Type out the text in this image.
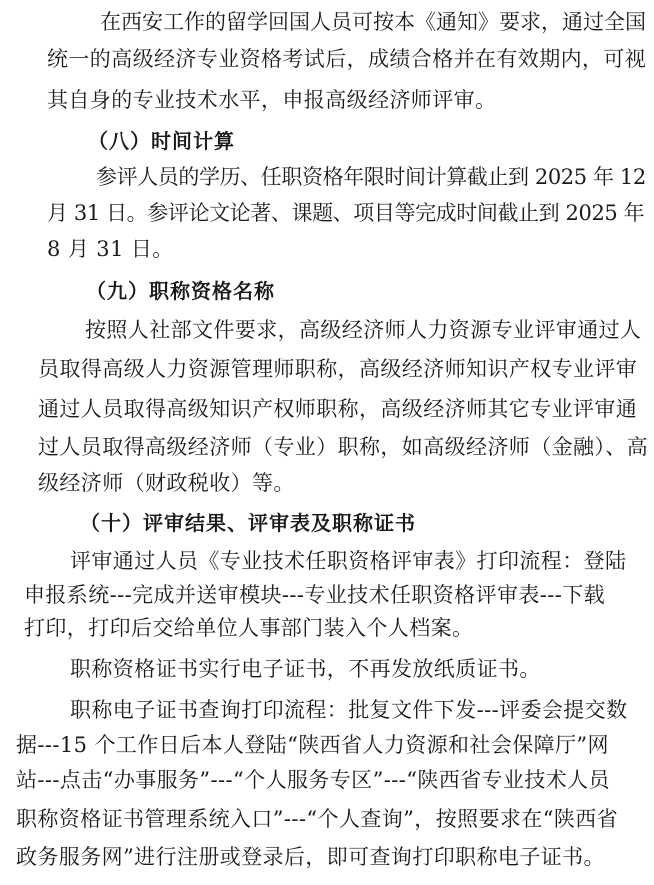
在西安工作的留学回国人员可按本《通知》要求，通过全国
统一的高级经济专业资格考试后，成绩合格并在有效期内，可视
其自身的专业技术水平，申报高级经济师评审。
（八）时间计算
参评人员的学历、任职资格年限时间计算截止到 2025 年 12
月 31 日。参评论文论著、课题、项目等完成时间截止到 2025 年
8 月 31 日。
（九）职称资格名称
按照人社部文件要求，高级经济师人力资源专业评审通过人
员取得高级人力资源管理师职称，高级经济师知识产权专业评审
通过人员取得高级知识产权师职称，高级经济师其它专业评审通
过人员取得高级经济师（专业）职称，如高级经济师（金融）、高
级经济师（财政税收）等。
（十）评审结果、评审表及职称证书
评审通过人员《专业技术任职资格评审表》打印流程：登陆
申报系统---完成并送审模块---专业技术任职资格评审表---下载
打印，打印后交给单位人事部门装入个人档案。
职称资格证书实行电子证书，不再发放纸质证书。
职称电子证书查询打印流程：批复文件下发---评委会提交数
据---15 个工作日后本人登陆“陕西省人力资源和社会保障厅”网
站---点击“办事服务”---“个人服务专区”---“陕西省专业技术人员
职称资格证书管理系统入口”---“个人查询”，按照要求在“陕西省
政务服务网”进行注册或登录后，即可查询打印职称电子证书。
